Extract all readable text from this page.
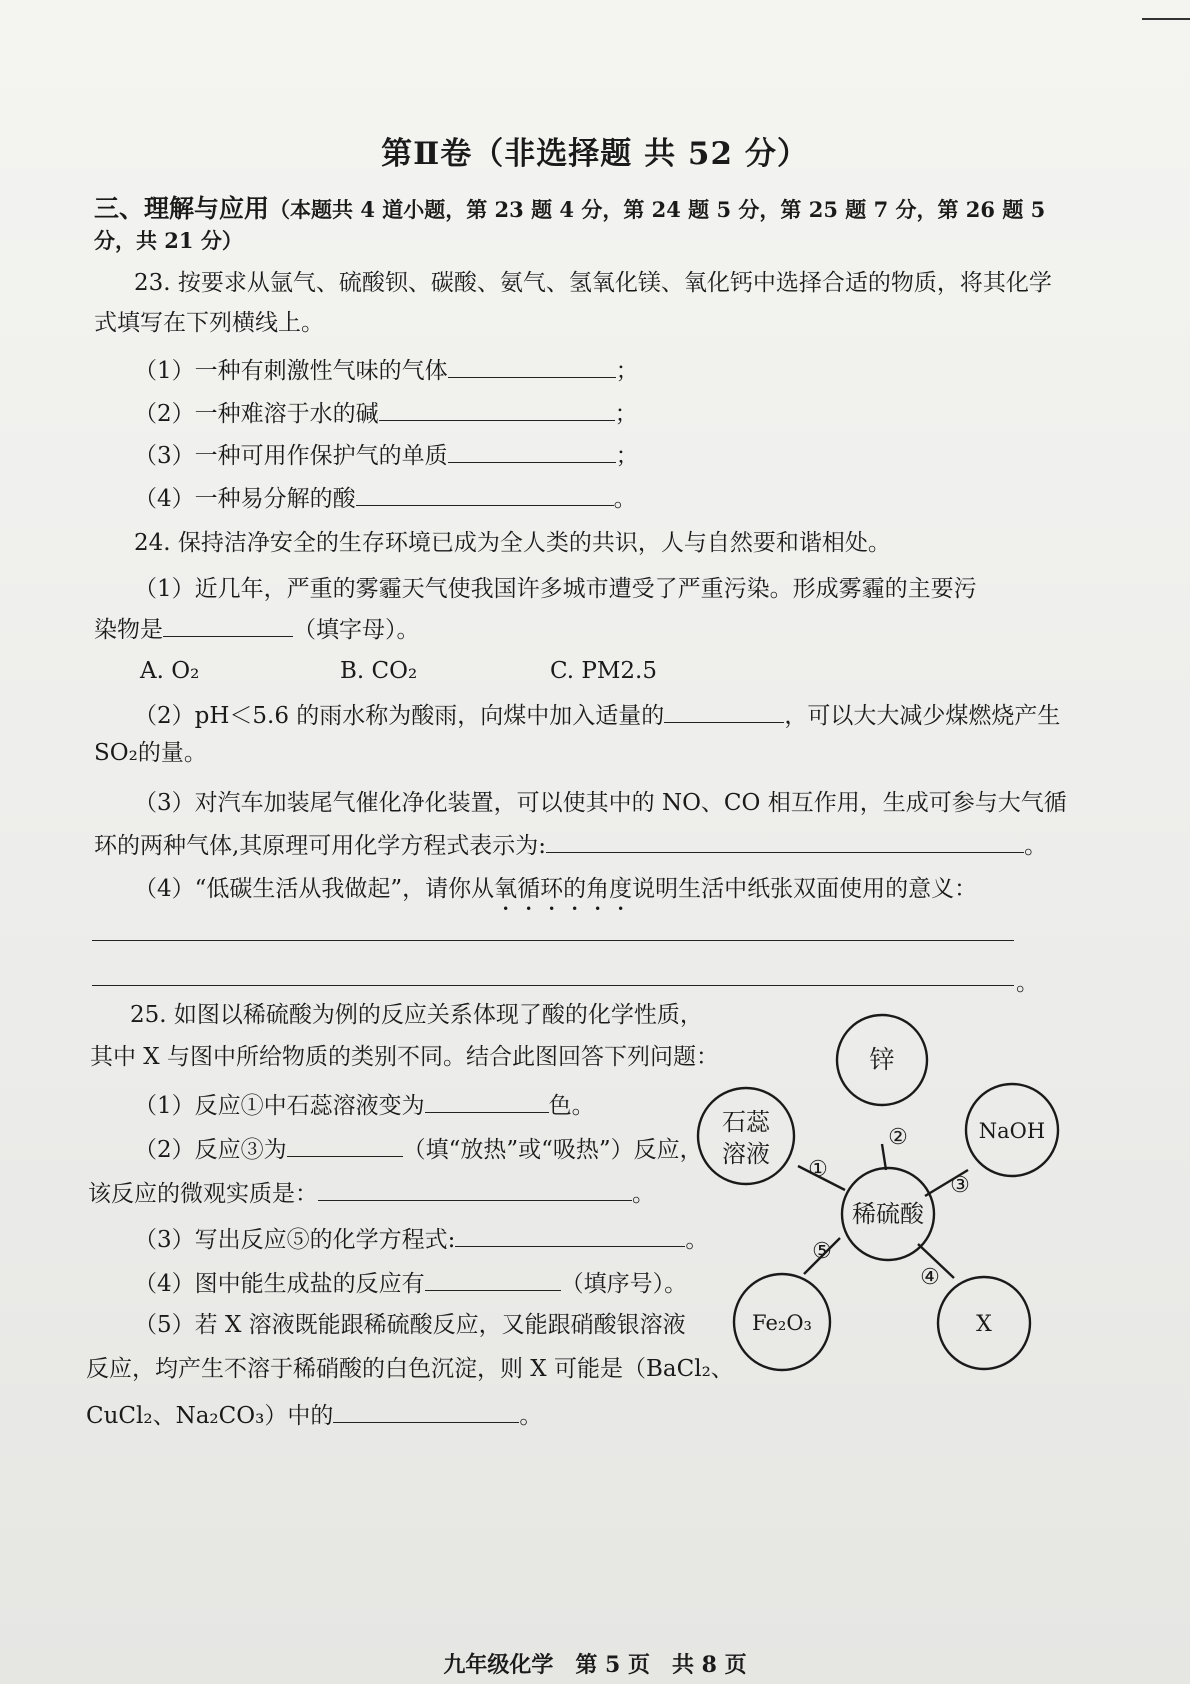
第Ⅱ卷（非选择题 共 52 分）
三、理解与应用（本题共 4 道小题，第 23 题 4 分，第 24 题 5 分，第 25 题 7 分，第 26 题 5
分，共 21 分）
23. 按要求从氩气、硫酸钡、碳酸、氨气、氢氧化镁、氧化钙中选择合适的物质，将其化学
式填写在下列横线上。
（1）一种有刺激性气味的气体	；
（2）一种难溶于水的碱	；
（3）一种可用作保护气的单质	；
（4）一种易分解的酸	。
24. 保持洁净安全的生存环境已成为全人类的共识，人与自然要和谐相处。
（1）近几年，严重的雾霾天气使我国许多城市遭受了严重污染。形成雾霾的主要污
染物是	（填字母）。
A. O₂	B. CO₂	C. PM2.5
（2）pH＜5.6 的雨水称为酸雨，向煤中加入适量的	，可以大大减少煤燃烧产生
SO₂的量。
（3）对汽车加装尾气催化净化装置，可以使其中的 NO、CO 相互作用，生成可参与大气循
环的两种气体,其原理可用化学方程式表示为:	。
（4）“低碳生活从我做起”，请你从氧循环的角度说明生活中纸张双面使用的意义：
。
25. 如图以稀硫酸为例的反应关系体现了酸的化学性质，
其中 X 与图中所给物质的类别不同。结合此图回答下列问题：
（1）反应①中石蕊溶液变为	色。
（2）反应③为	（填“放热”或“吸热”）反应，
该反应的微观实质是：	。
（3）写出反应⑤的化学方程式:	。
（4）图中能生成盐的反应有	（填序号）。
（5）若 X 溶液既能跟稀硫酸反应，又能跟硝酸银溶液
反应，均产生不溶于稀硝酸的白色沉淀，则 X 可能是（BaCl₂、
CuCl₂、Na₂CO₃）中的	。
锌
石蕊
溶液
NaOH
稀硫酸
Fe₂O₃	X
①
②
③
④
⑤
九年级化学　第 5 页　共 8 页
